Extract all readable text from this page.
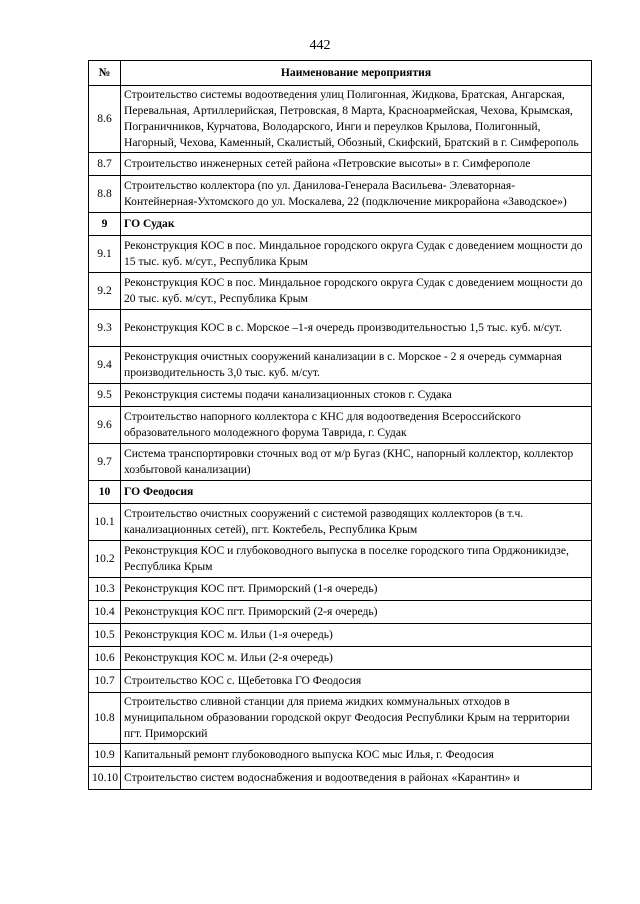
442
№	Наименование мероприятия
8.6	Строительство системы водоотведения улиц Полигонная, Жидкова, Братская, Ангарская, Перевальная, Артиллерийская, Петровская, 8 Марта, Красноармейская, Чехова, Крымская, Пограничников, Курчатова, Володарского, Инги и переулков Крылова, Полигонный, Нагорный, Чехова, Каменный, Скалистый, Обозный, Скифский, Братский в г. Симферополь
8.7	Строительство инженерных сетей района «Петровские высоты» в г. Симферополе
8.8	Строительство коллектора (по ул. Данилова-Генерала Васильева- Элеваторная- Контейнерная-Ухтомского до ул. Москалева, 22 (подключение микрорайона «Заводское»)
9	ГО Судак
9.1	Реконструкция КОС в пос. Миндальное городского округа Судак с доведением мощности до 15 тыс. куб. м/сут., Республика Крым
9.2	Реконструкция КОС в пос. Миндальное городского округа Судак с доведением мощности до 20 тыс. куб. м/сут., Республика Крым
9.3	Реконструкция КОС в с. Морское –1-я очередь производительностью 1,5 тыс. куб. м/сут.
9.4	Реконструкция очистных сооружений канализации в с. Морское - 2 я очередь суммарная производительность 3,0 тыс. куб. м/сут.
9.5	Реконструкция системы подачи канализационных стоков г. Судака
9.6	Строительство напорного коллектора с КНС для водоотведения Всероссийского образовательного молодежного форума Таврида, г. Судак
9.7	Система транспортировки сточных вод от м/р Бугаз (КНС, напорный коллектор, коллектор хозбытовой канализации)
10	ГО Феодосия
10.1	Строительство очистных сооружений с системой разводящих коллекторов (в т.ч. канализационных сетей), пгт. Коктебель, Республика Крым
10.2	Реконструкция КОС и глубоководного выпуска в поселке городского типа Орджоникидзе, Республика Крым
10.3	Реконструкция КОС пгт. Приморский (1-я очередь)
10.4	Реконструкция КОС пгт. Приморский (2-я очередь)
10.5	Реконструкция КОС м. Ильи (1-я очередь)
10.6	Реконструкция КОС м. Ильи (2-я очередь)
10.7	Строительство КОС с. Щебетовка ГО Феодосия
10.8	Строительство сливной станции для приема жидких коммунальных отходов в муниципальном образовании городской округ Феодосия Республики Крым на территории пгт. Приморский
10.9	Капитальный ремонт глубоководного выпуска КОС мыс Илья, г. Феодосия
10.10	Строительство систем водоснабжения и водоотведения в районах «Карантин» и
